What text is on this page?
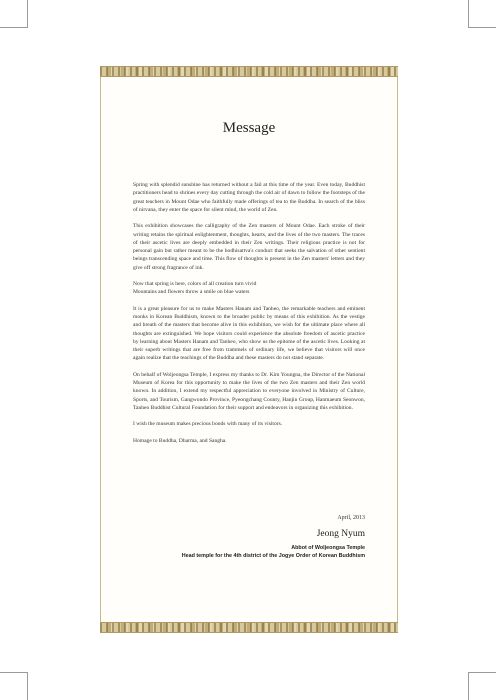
Message

Spring with splendid sunshine has returned without a fail at this time of the year. Even today, Buddhist practitioners head to shrines every day cutting through the cold air of dawn to follow the footsteps of the great teachers in Mount Odae who faithfully made offerings of tea to the Buddha. In search of the bliss of nirvana, they enter the space for silent mind, the world of Zen.

This exhibition showcases the calligraphy of the Zen masters of Mount Odae. Each stroke of their writing retains the spiritual enlightenment, thoughts, hearts, and the lives of the two masters. The traces of their ascetic lives are deeply embedded in their Zen writings. Their religious practice is not for personal gain but rather meant to be the bodhisattva's conduct that seeks the salvation of other sentient beings transcending space and time. This flow of thoughts is present in the Zen masters' letters and they give off strong fragrance of ink.

Now that spring is here, colors of all creation turn vivid
Mountains and flowers throw a smile on blue waters

It is a great pleasure for us to make Masters Hanam and Tanheo, the remarkable teachers and eminent monks in Korean Buddhism, known to the broader public by means of this exhibition. As the vestige and breath of the masters that become alive in this exhibition, we wish for the ultimate place where all thoughts are extinguished. We hope visitors could experience the absolute freedom of ascetic practice by learning about Masters Hanam and Tanheo, who show us the epitome of the ascetic lives. Looking at their superb writings that are free from trammels of ordinary life, we believe that visitors will once again realize that the teachings of the Buddha and these masters do not stand separate.

On behalf of Woljeongsa Temple, I express my thanks to Dr. Kim Youngna, the Director of the National Museum of Korea for this opportunity to make the lives of the two Zen masters and their Zen world known. In addition, I extend my respectful appreciation to everyone involved in Ministry of Culture, Sports, and Tourism, Gangwondo Province, Pyeongchang County, Hanjin Group, Hanmaeum Seonwon, Tanheo Buddhist Cultural Foundation for their support and endeavors in organizing this exhibition.

I wish the museum makes precious bonds with many of its visitors.

Homage to Buddha, Dharma, and Sangha.

April, 2013
Jeong Nyum
Abbot of Woljeongsa Temple
Head temple for the 4th district of the Jogye Order of Korean Buddhism
